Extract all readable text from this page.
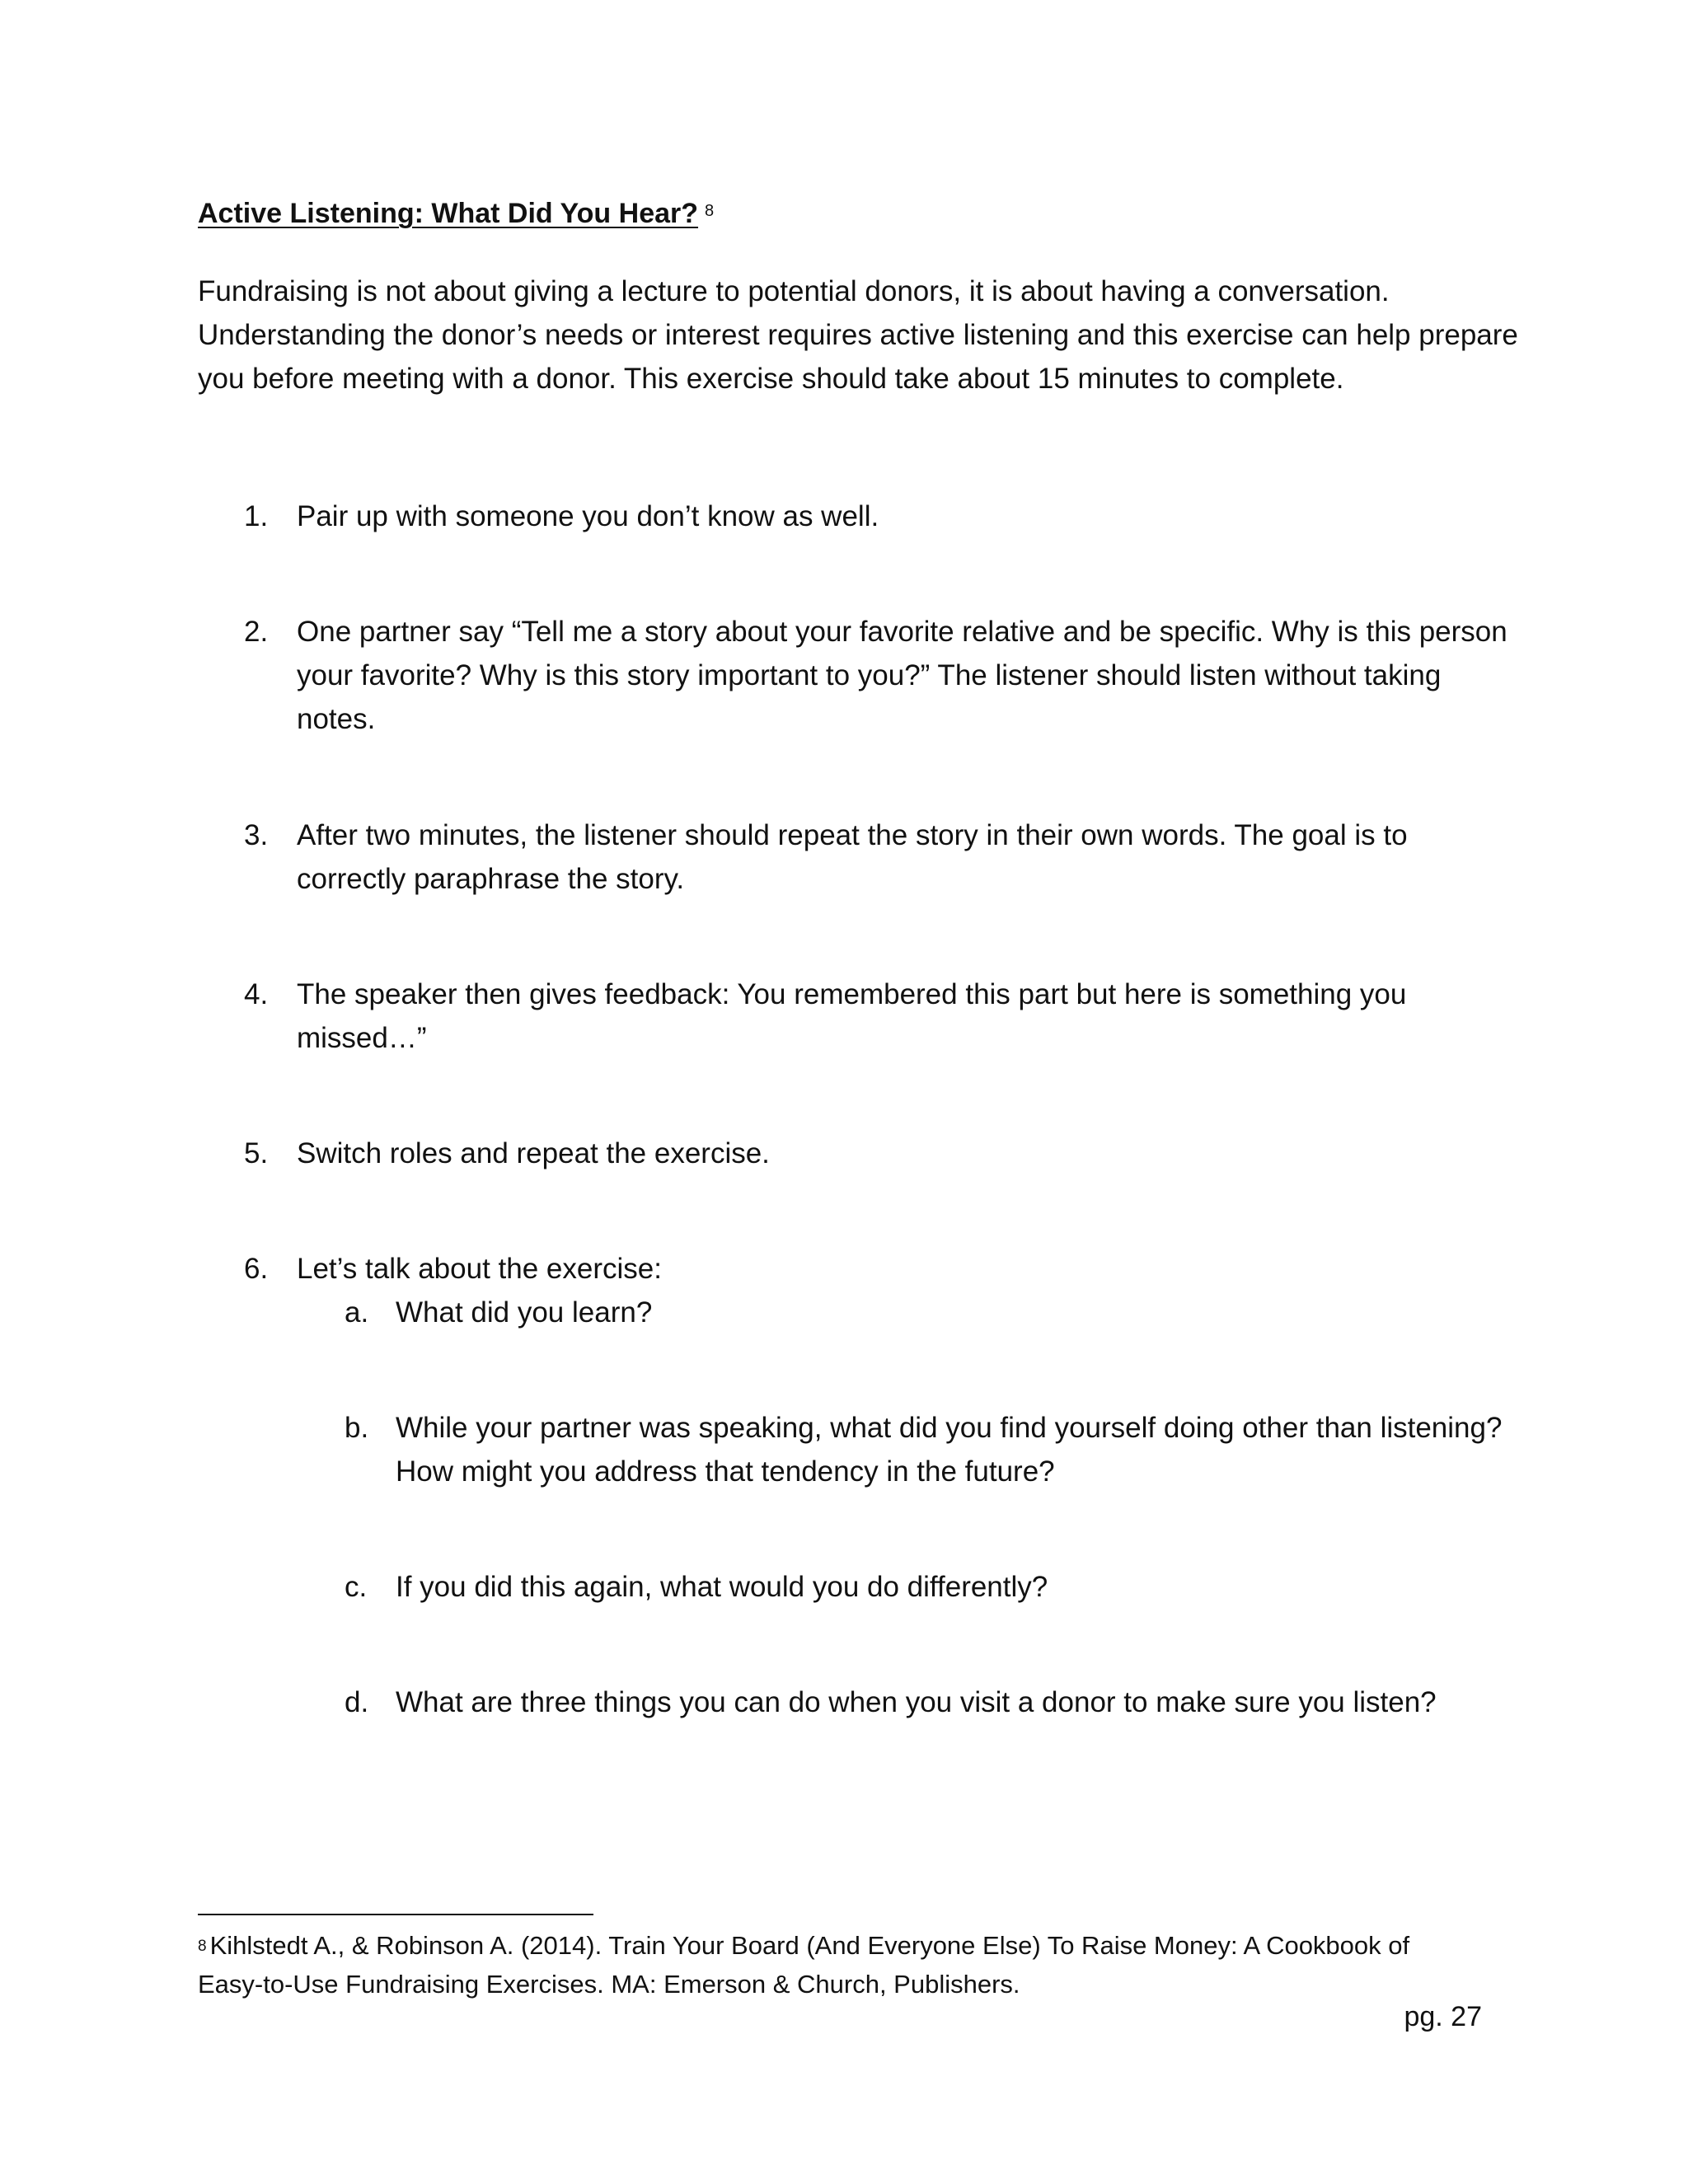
Active Listening: What Did You Hear? $^8$
Fundraising is not about giving a lecture to potential donors, it is about having a conversation.
Understanding the donor’s needs or interest requires active listening and this exercise can help prepare
you before meeting with a donor. This exercise should take about 15 minutes to complete.
1. Pair up with someone you don’t know as well.
2. One partner say “Tell me a story about your favorite relative and be specific. Why is this person
your favorite? Why is this story important to you?” The listener should listen without taking
notes.
3. After two minutes, the listener should repeat the story in their own words. The goal is to
correctly paraphrase the story.
4. The speaker then gives feedback: You remembered this part but here is something you
missed…”
5. Switch roles and repeat the exercise.
6. Let’s talk about the exercise:
a. What did you learn?
b. While your partner was speaking, what did you find yourself doing other than listening?
How might you address that tendency in the future?
c. If you did this again, what would you do differently?
d. What are three things you can do when you visit a donor to make sure you listen?
$^8$ Kihlstedt A., & Robinson A. (2014). Train Your Board (And Everyone Else) To Raise Money: A Cookbook of
Easy-to-Use Fundraising Exercises. MA: Emerson & Church, Publishers.
pg. 27
